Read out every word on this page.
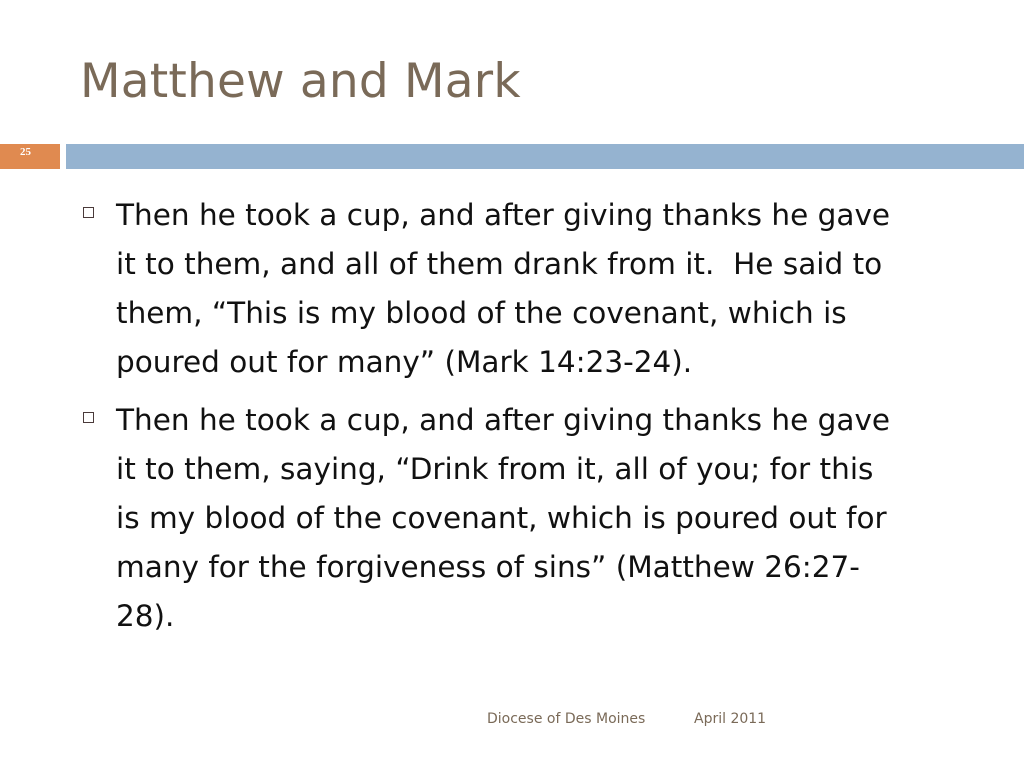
Matthew and Mark
25
Then he took a cup, and after giving thanks he gave
it to them, and all of them drank from it.  He said to
them, “This is my blood of the covenant, which is
poured out for many” (Mark 14:23-24).
Then he took a cup, and after giving thanks he gave
it to them, saying, “Drink from it, all of you; for this
is my blood of the covenant, which is poured out for
many for the forgiveness of sins” (Matthew 26:27-
28).
Diocese of Des Moines	April 2011
